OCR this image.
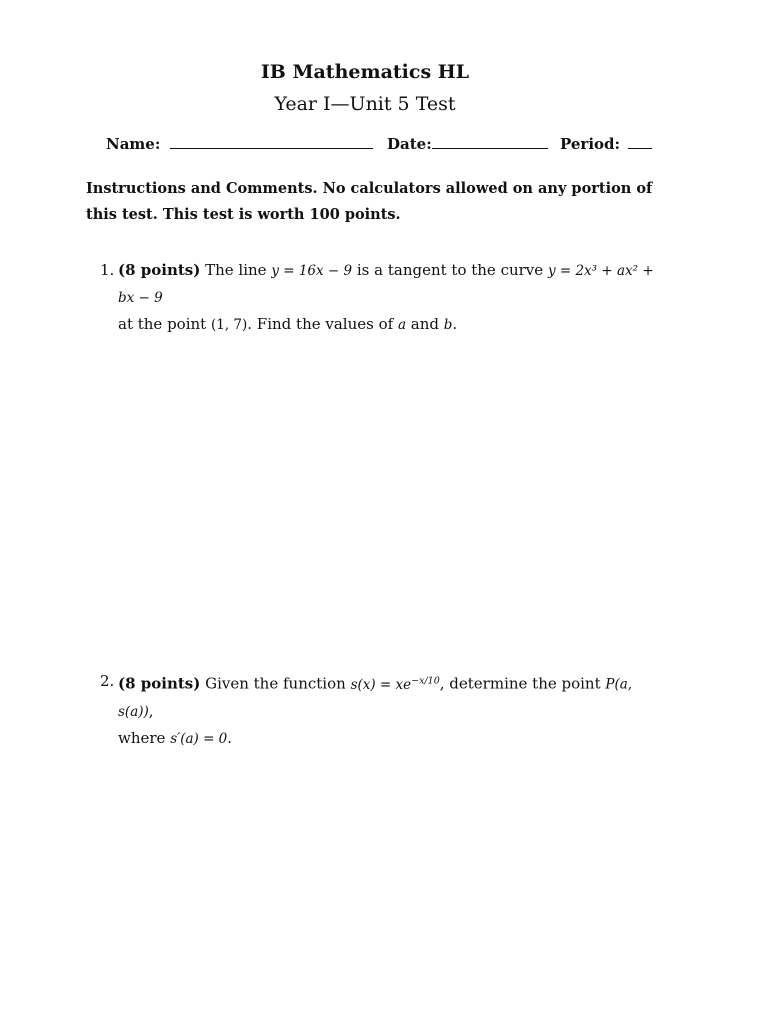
IB Mathematics HL
Year I—Unit 5 Test
Name:	Date:	Period:
Instructions and Comments. No calculators allowed on any portion of this test. This test is worth 100 points.
1. (8 points) The line y = 16x − 9 is a tangent to the curve y = 2x³ + ax² + bx − 9
at the point (1, 7). Find the values of a and b.
2. (8 points) Given the function $s(x) = xe^{-x/10}$, determine the point P(a, s(a)),
where s′(a) = 0.
